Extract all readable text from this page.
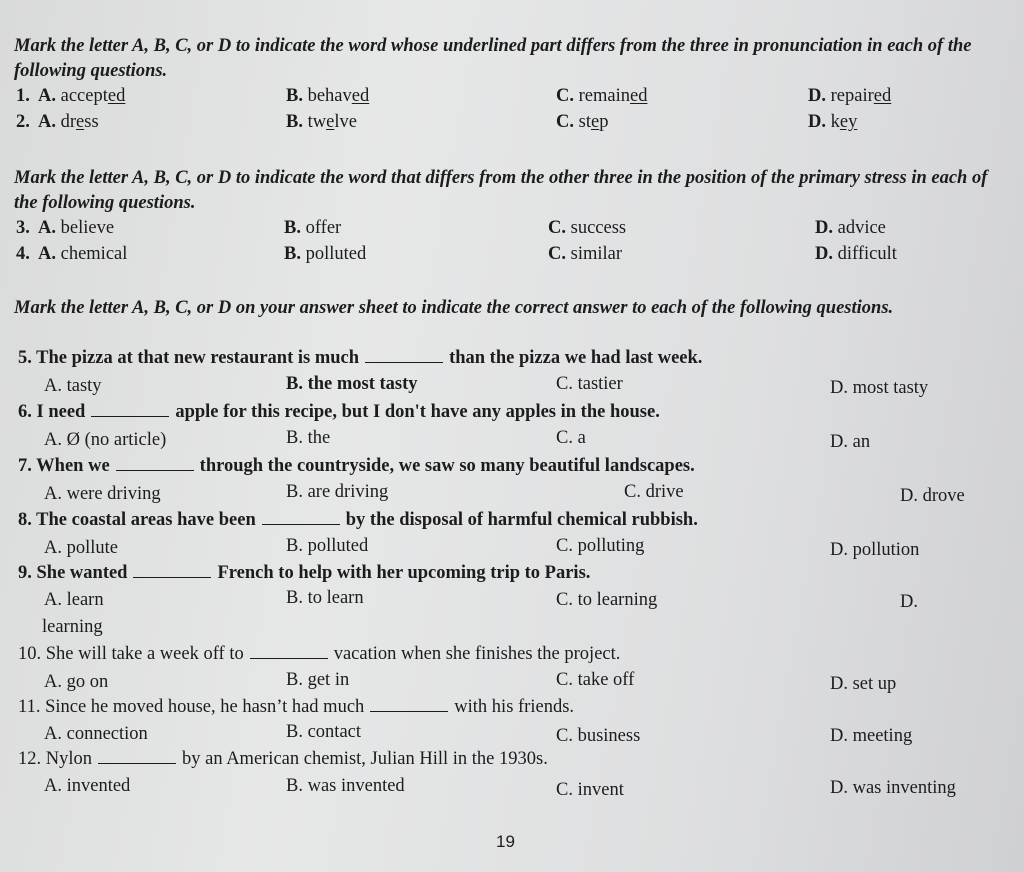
Mark the letter A, B, C, or D to indicate the word whose underlined part differs from the three in pronunciation in each of the following questions.

1. A. accepted	B. behaved	C. remained	D. repaired
2. A. dress	B. twelve	C. step	D. key

Mark the letter A, B, C, or D to indicate the word that differs from the other three in the position of the primary stress in each of the following questions.

3. A. believe	B. offer	C. success	D. advice
4. A. chemical	B. polluted	C. similar	D. difficult

Mark the letter A, B, C, or D on your answer sheet to indicate the correct answer to each of the following questions.

5. The pizza at that new restaurant is much	than the pizza we had last week.
A. tasty	B. the most tasty	C. tastier	D. most tasty
6. I need	apple for this recipe, but I don't have any apples in the house.
A. Ø (no article)	B. the	C. a	D. an
7. When we	through the countryside, we saw so many beautiful landscapes.
A. were driving	B. are driving	C. drive	D. drove
8. The coastal areas have been	by the disposal of harmful chemical rubbish.
A. pollute	B. polluted	C. polluting	D. pollution
9. She wanted	French to help with her upcoming trip to Paris.
A. learn	B. to learn	C. to learning	D.
learning
10. She will take a week off to	vacation when she finishes the project.
A. go on	B. get in	C. take off	D. set up
11. Since he moved house, he hasn’t had much	with his friends.
A. connection	B. contact	C. business	D. meeting
12. Nylon	by an American chemist, Julian Hill in the 1930s.
A. invented	B. was invented	C. invent	D. was inventing
19
